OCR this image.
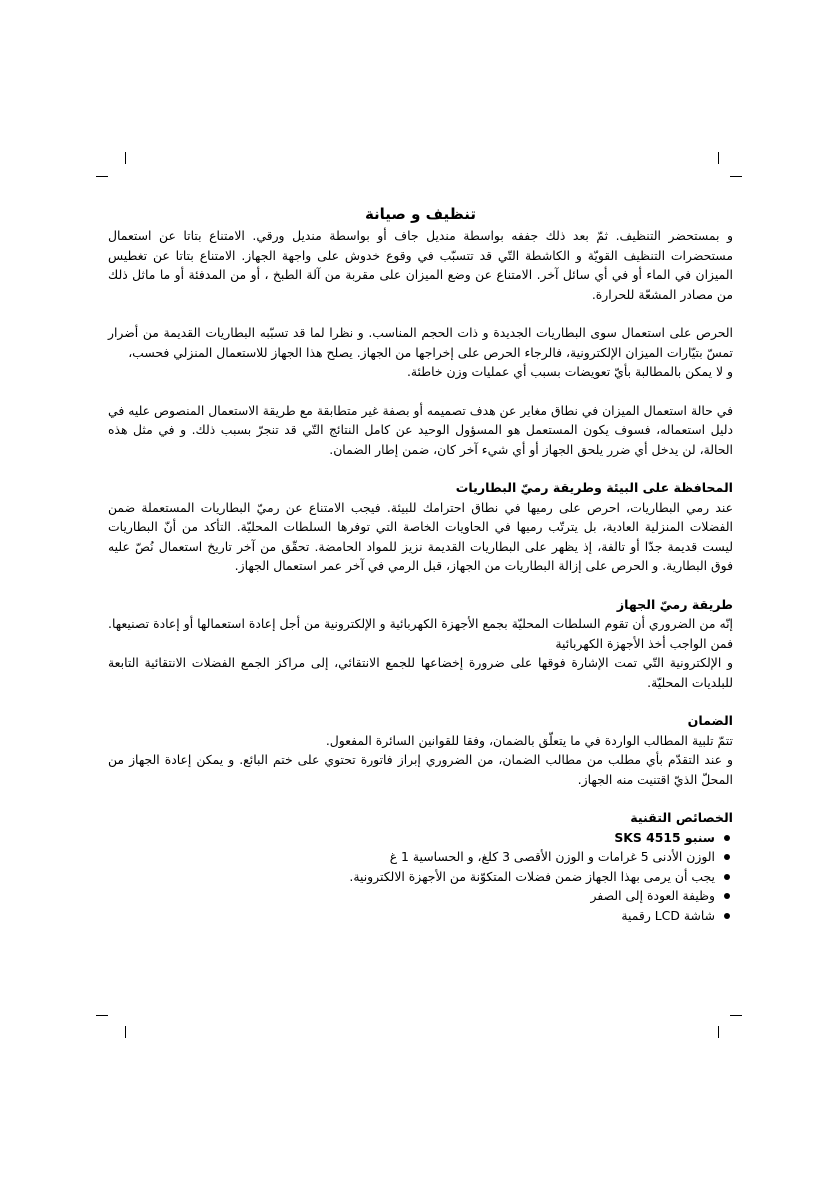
تنظيف و صيانة

و بمستحضر التنظيف. ثمّ بعد ذلك جففه بواسطة منديل جاف أو بواسطة منديل ورقي. الامتناع بتاتا عن استعمال مستحضرات التنظيف القويّة و الكاشطة التّي قد تتسبّب في وقوع خدوش على واجهة الجهاز. الامتناع بتاتا عن تغطيس الميزان في الماء أو في أي سائل آخر. الامتناع عن وضع الميزان على مقربة من آلة الطبخ ، أو من المدفئة أو ما ماثل ذلك من مصادر المشعّة للحرارة.

الحرص على استعمال سوى البطاريات الجديدة و ذات الحجم المناسب. و نظرا لما قد تسبّبه البطاريات القديمة من أضرار تمسّ بتيّارات الميزان الإلكترونية، فالرجاء الحرص على إخراجها من الجهاز. يصلح هذا الجهاز للاستعمال المنزلي فحسب،

و لا يمكن بالمطالبة بأيّ تعويضات بسبب أي عمليات وزن خاطئة.

في حالة استعمال الميزان في نطاق مغاير عن هدف تصميمه أو بصفة غير متطابقة مع طريقة الاستعمال المنصوص عليه في دليل استعماله، فسوف يكون المستعمل هو المسؤول الوحيد عن كامل النتائج التّي قد تنجرّ بسبب ذلك. و في مثل هذه الحالة، لن يدخل أي ضرر يلحق الجهاز أو أي شيء آخر كان، ضمن إطار الضمان.

المحافظة على البيئة وطريقة رميّ البطاريات

عند رمي البطاريات، احرص على رميها في نطاق احترامك للبيئة. فيجب الامتناع عن رميّ البطاريات المستعملة ضمن الفضلات المنزلية العادية، بل يترتّب رميها في الحاويات الخاصة التي توفرها السلطات المحليّة. التأكد من أنّ البطاريات ليست قديمة جدّا أو تالفة، إذ يظهر على البطاريات القديمة نزيز للمواد الحامضة. تحقّق من آخر تاريخ استعمال نُصّ عليه فوق البطارية. و الحرص على إزالة البطاريات من الجهاز، قبل الرمي في آخر عمر استعمال الجهاز.

طريقة رميّ الجهاز

إنّه من الضروري أن تقوم السلطات المحليّة بجمع الأجهزة الكهربائية و الإلكترونية من أجل إعادة استعمالها أو إعادة تصنيعها. فمن الواجب أخذ الأجهزة الكهربائية

و الإلكترونية التّي تمت الإشارة فوقها على ضرورة إخضاعها للجمع الانتقائي، إلى مراكز الجمع الفضلات الانتقائية التابعة للبلديات المحليّة.

الضمان

تتمّ تلبية المطالب الواردة في ما يتعلّق بالضمان، وفقا للقوانين السائرة المفعول.

و عند التقدّم بأي مطلب من مطالب الضمان، من الضروري إبراز فاتورة تحتوي على ختم البائع. و يمكن إعادة الجهاز من المحلّ الذيّ اقتنيت منه الجهاز.

الخصائص التقنية
سنبو SKS 4515
الوزن الأدنى 5 غرامات و الوزن الأقصى 3 كلغ، و الحساسية 1 غ
يجب أن يرمى بهذا الجهاز ضمن فضلات المتكوّنة من الأجهزة الالكترونية.
وظيفة العودة إلى الصفر
شاشة LCD رقمية
